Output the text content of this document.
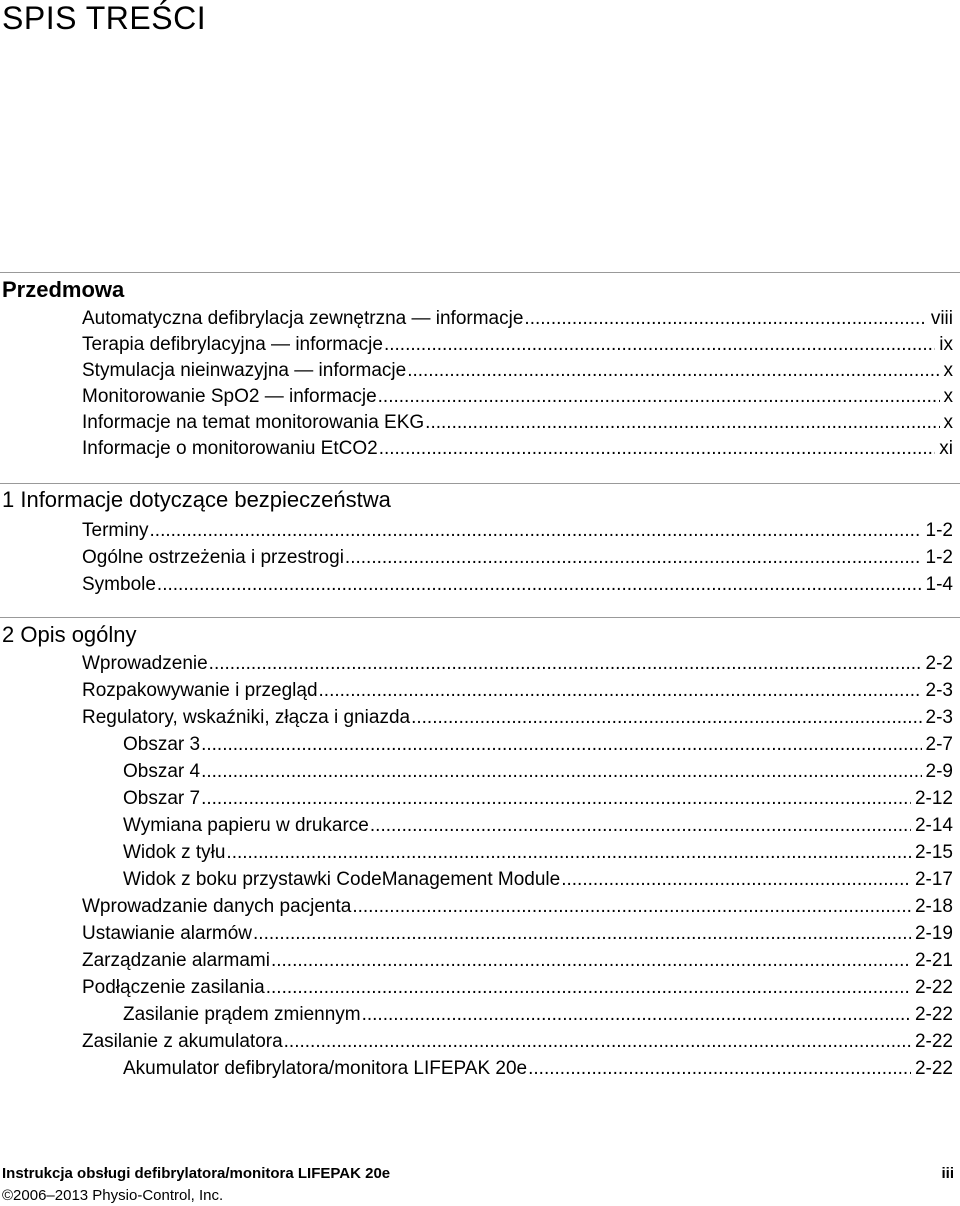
SPIS TREŚCI
Przedmowa
Automatyczna defibrylacja zewnętrzna — informacje .....	viii
Terapia defibrylacyjna — informacje .....	ix
Stymulacja nieinwazyjna — informacje .....	x
Monitorowanie SpO2 — informacje .....	x
Informacje na temat monitorowania EKG .....	x
Informacje o monitorowaniu EtCO2 .....	xi
1 Informacje dotyczące bezpieczeństwa
Terminy .....	1-2
Ogólne ostrzeżenia i przestrogi .....	1-2
Symbole .....	1-4
2 Opis ogólny
Wprowadzenie .....	2-2
Rozpakowywanie i przegląd .....	2-3
Regulatory, wskaźniki, złącza i gniazda .....	2-3
Obszar 3 .....	2-7
Obszar 4 .....	2-9
Obszar 7 .....	2-12
Wymiana papieru w drukarce .....	2-14
Widok z tyłu .....	2-15
Widok z boku przystawki CodeManagement Module .....	2-17
Wprowadzanie danych pacjenta .....	2-18
Ustawianie alarmów .....	2-19
Zarządzanie alarmami .....	2-21
Podłączenie zasilania .....	2-22
Zasilanie prądem zmiennym .....	2-22
Zasilanie z akumulatora .....	2-22
Akumulator defibrylatora/monitora LIFEPAK 20e .....	2-22
Instrukcja obsługi defibrylatora/monitora LIFEPAK 20e	iii
©2006–2013 Physio-Control, Inc.
